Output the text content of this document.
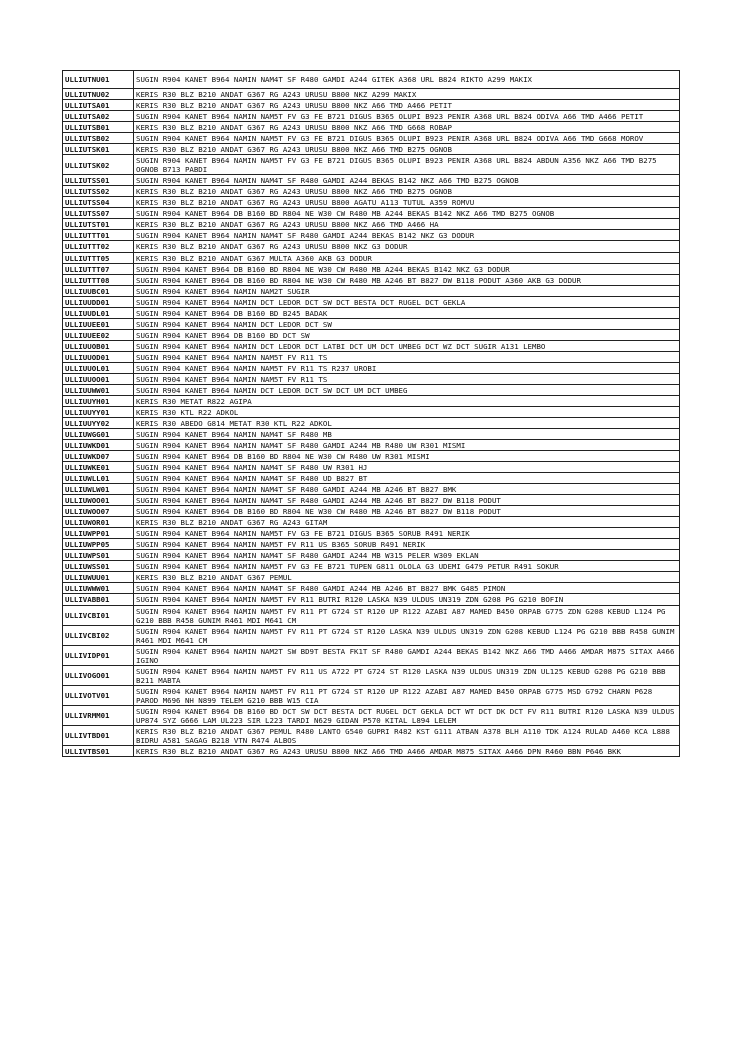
ULLIUTNU01	SUGIN R904 KANET B964 NAMIN NAM4T SF R480 GAMDI A244 GITEK A368 URL B824 RIKTO A299 MAKIX
ULLIUTNU02	KERIS R30 BLZ B210 ANDAT G367 RG A243 URUSU B800 NKZ A299 MAKIX
ULLIUTSA01	KERIS R30 BLZ B210 ANDAT G367 RG A243 URUSU B800 NKZ A66 TMD A466 PETIT
ULLIUTSA02	SUGIN R904 KANET B964 NAMIN NAM5T FV G3 FE B721 DIGUS B365 OLUPI B923 PENIR A368 URL B824 ODIVA A66 TMD A466 PETIT
ULLIUTSB01	KERIS R30 BLZ B210 ANDAT G367 RG A243 URUSU B800 NKZ A66 TMD G668 ROBAP
ULLIUTSB02	SUGIN R904 KANET B964 NAMIN NAM5T FV G3 FE B721 DIGUS B365 OLUPI B923 PENIR A368 URL B824 ODIVA A66 TMD G668 MOROV
ULLIUTSK01	KERIS R30 BLZ B210 ANDAT G367 RG A243 URUSU B800 NKZ A66 TMD B275 OGNOB
ULLIUTSK02	SUGIN R904 KANET B964 NAMIN NAM5T FV G3 FE B721 DIGUS B365 OLUPI B923 PENIR A368 URL B824 ABDUN A356 NKZ A66 TMD B275 OGNOB B713 PABDI
ULLIUTSS01	SUGIN R904 KANET B964 NAMIN NAM4T SF R480 GAMDI A244 BEKAS B142 NKZ A66 TMD B275 OGNOB
ULLIUTSS02	KERIS R30 BLZ B210 ANDAT G367 RG A243 URUSU B800 NKZ A66 TMD B275 OGNOB
ULLIUTSS04	KERIS R30 BLZ B210 ANDAT G367 RG A243 URUSU B800 AGATU A113 TUTUL A359 ROMVU
ULLIUTSS07	SUGIN R904 KANET B964 DB B160 BD R804 NE W30 CW R480 MB A244 BEKAS B142 NKZ A66 TMD B275 OGNOB
ULLIUTST01	KERIS R30 BLZ B210 ANDAT G367 RG A243 URUSU B800 NKZ A66 TMD A466 HA
ULLIUTTT01	SUGIN R904 KANET B964 NAMIN NAM4T SF R480 GAMDI A244 BEKAS B142 NKZ G3 DODUR
ULLIUTTT02	KERIS R30 BLZ B210 ANDAT G367 RG A243 URUSU B800 NKZ G3 DODUR
ULLIUTTT05	KERIS R30 BLZ B210 ANDAT G367 MULTA A360 AKB G3 DODUR
ULLIUTTT07	SUGIN R904 KANET B964 DB B160 BD R804 NE W30 CW R480 MB A244 BEKAS B142 NKZ G3 DODUR
ULLIUTTT08	SUGIN R904 KANET B964 DB B160 BD R804 NE W30 CW R480 MB A246 BT B827 DW B118 PODUT A360 AKB G3 DODUR
ULLIUUBC01	SUGIN R904 KANET B964 NAMIN NAM2T SUGIR
ULLIUUDD01	SUGIN R904 KANET B964 NAMIN DCT LEDOR DCT SW DCT BESTA DCT RUGEL DCT GEKLA
ULLIUUDL01	SUGIN R904 KANET B964 DB B160 BD B245 BADAK
ULLIUUEE01	SUGIN R904 KANET B964 NAMIN DCT LEDOR DCT SW
ULLIUUEE02	SUGIN R904 KANET B964 DB B160 BD DCT SW
ULLIUUOB01	SUGIN R904 KANET B964 NAMIN DCT LEDOR DCT LATBI DCT UM DCT UMBEG DCT WZ DCT SUGIR A131 LEMBO
ULLIUUOD01	SUGIN R904 KANET B964 NAMIN NAM5T FV R11 TS
ULLIUUOL01	SUGIN R904 KANET B964 NAMIN NAM5T FV R11 TS R237 UROBI
ULLIUUOO01	SUGIN R904 KANET B964 NAMIN NAM5T FV R11 TS
ULLIUUWW01	SUGIN R904 KANET B964 NAMIN DCT LEDOR DCT SW DCT UM DCT UMBEG
ULLIUUYH01	KERIS R30 METAT R822 AGIPA
ULLIUUYY01	KERIS R30 KTL R22 ADKOL
ULLIUUYY02	KERIS R30 ABEDO G814 METAT R30 KTL R22 ADKOL
ULLIUWGG01	SUGIN R904 KANET B964 NAMIN NAM4T SF R480 MB
ULLIUWKD01	SUGIN R904 KANET B964 NAMIN NAM4T SF R480 GAMDI A244 MB R480 UW R301 MISMI
ULLIUWKD07	SUGIN R904 KANET B964 DB B160 BD R804 NE W30 CW R480 UW R301 MISMI
ULLIUWKE01	SUGIN R904 KANET B964 NAMIN NAM4T SF R480 UW R301 HJ
ULLIUWLL01	SUGIN R904 KANET B964 NAMIN NAM4T SF R480 UD B827 BT
ULLIUWLW01	SUGIN R904 KANET B964 NAMIN NAM4T SF R480 GAMDI A244 MB A246 BT B827 BMK
ULLIUWOO01	SUGIN R904 KANET B964 NAMIN NAM4T SF R480 GAMDI A244 MB A246 BT B827 DW B118 PODUT
ULLIUWOO07	SUGIN R904 KANET B964 DB B160 BD R804 NE W30 CW R480 MB A246 BT B827 DW B118 PODUT
ULLIUWOR01	KERIS R30 BLZ B210 ANDAT G367 RG A243 GITAM
ULLIUWPP01	SUGIN R904 KANET B964 NAMIN NAM5T FV G3 FE B721 DIGUS B365 SORUB R491 NERIK
ULLIUWPP05	SUGIN R904 KANET B964 NAMIN NAM5T FV R11 US B365 SORUB R491 NERIK
ULLIUWPS01	SUGIN R904 KANET B964 NAMIN NAM4T SF R480 GAMDI A244 MB W315 PELER W309 EKLAN
ULLIUWSS01	SUGIN R904 KANET B964 NAMIN NAM5T FV G3 FE B721 TUPEN G811 OLOLA G3 UDEMI G479 PETUR R491 SOKUR
ULLIUWUU01	KERIS R30 BLZ B210 ANDAT G367 PEMUL
ULLIUWWW01	SUGIN R904 KANET B964 NAMIN NAM4T SF R480 GAMDI A244 MB A246 BT B827 BMK G485 PIMON
ULLIVABB01	SUGIN R904 KANET B964 NAMIN NAM5T FV R11 BUTRI R120 LASKA N39 ULDUS UN319 ZDN G208 PG G210 BOFIN
ULLIVCBI01	SUGIN R904 KANET B964 NAMIN NAM5T FV R11 PT G724 ST R120 UP R122 AZABI A87 MAMED B450 ORPAB G775 ZDN G208 KEBUD L124 PG G210 BBB R458 GUNIM R461 MDI M641 CM
ULLIVCBI02	SUGIN R904 KANET B964 NAMIN NAM5T FV R11 PT G724 ST R120 LASKA N39 ULDUS UN319 ZDN G208 KEBUD L124 PG G210 BBB R458 GUNIM R461 MDI M641 CM
ULLIVIDP01	SUGIN R904 KANET B964 NAMIN NAM2T SW BD9T BESTA FK1T SF R480 GAMDI A244 BEKAS B142 NKZ A66 TMD A466 AMDAR M875 SITAX A466 IGINO
ULLIVOGO01	SUGIN R904 KANET B964 NAMIN NAM5T FV R11 US A722 PT G724 ST R120 LASKA N39 ULDUS UN319 ZDN UL125 KEBUD G208 PG G210 BBB B211 MABTA
ULLIVOTV01	SUGIN R904 KANET B964 NAMIN NAM5T FV R11 PT G724 ST R120 UP R122 AZABI A87 MAMED B450 ORPAB G775 MSD G792 CHARN P628 PAROD M696 NH N899 TELEM G210 BBB W15 CIA
ULLIVRMM01	SUGIN R904 KANET B964 DB B160 BD DCT SW DCT BESTA DCT RUGEL DCT GEKLA DCT WT DCT DK DCT FV R11 BUTRI R120 LASKA N39 ULDUS UP874 SYZ G666 LAM UL223 SIR L223 TARDI N629 GIDAN P570 KITAL L894 LELEM
ULLIVTBD01	KERIS R30 BLZ B210 ANDAT G367 PEMUL R480 LANTO G540 GUPRI R482 KST G111 ATBAN A378 BLH A110 TDK A124 RULAD A460 KCA L888 BIDRU A581 SAGAG B218 VTN R474 ALBOS
ULLIVTBS01	KERIS R30 BLZ B210 ANDAT G367 RG A243 URUSU B800 NKZ A66 TMD A466 AMDAR M875 SITAX A466 DPN R460 BBN P646 BKK
